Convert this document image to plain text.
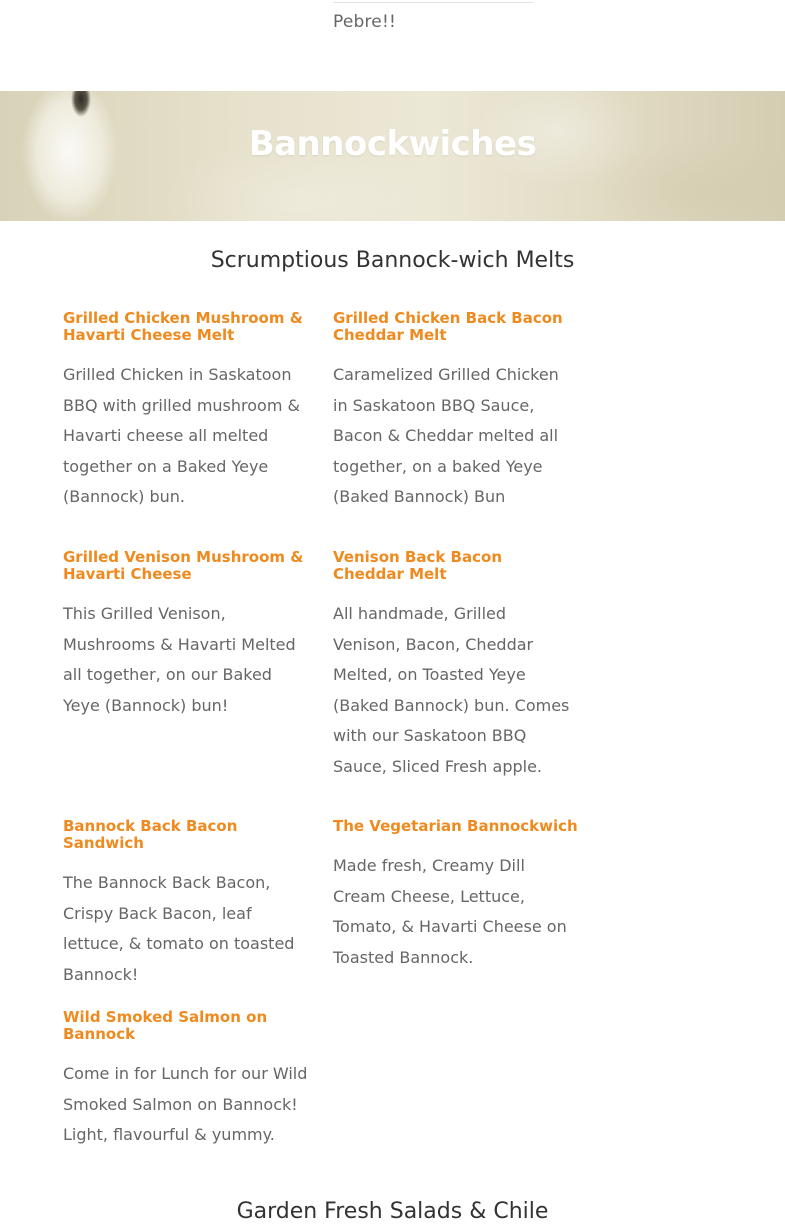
Pebre!!
Bannockwiches
Scrumptious Bannock-wich Melts
Grilled Chicken Mushroom & Havarti Cheese Melt

Grilled Chicken in Saskatoon BBQ with grilled mushroom & Havarti cheese all melted together on a Baked Yeye (Bannock) bun.

Grilled Chicken Back Bacon Cheddar Melt

Caramelized Grilled Chicken in Saskatoon BBQ Sauce, Bacon & Cheddar melted all together, on a baked Yeye (Baked Bannock) Bun

Grilled Venison Mushroom & Havarti Cheese

This Grilled Venison, Mushrooms & Havarti Melted all together, on our Baked Yeye (Bannock) bun!

Venison Back Bacon Cheddar Melt

All handmade, Grilled Venison, Bacon, Cheddar Melted, on Toasted Yeye (Baked Bannock) bun. Comes with our Saskatoon BBQ Sauce, Sliced Fresh apple.

Bannock Back Bacon Sandwich

The Bannock Back Bacon, Crispy Back Bacon, leaf lettuce, & tomato on toasted Bannock!

The Vegetarian Bannockwich

Made fresh, Creamy Dill Cream Cheese, Lettuce, Tomato, & Havarti Cheese on Toasted Bannock.

Wild Smoked Salmon on Bannock

Come in for Lunch for our Wild Smoked Salmon on Bannock! Light, flavourful & yummy.

Garden Fresh Salads & Chile
